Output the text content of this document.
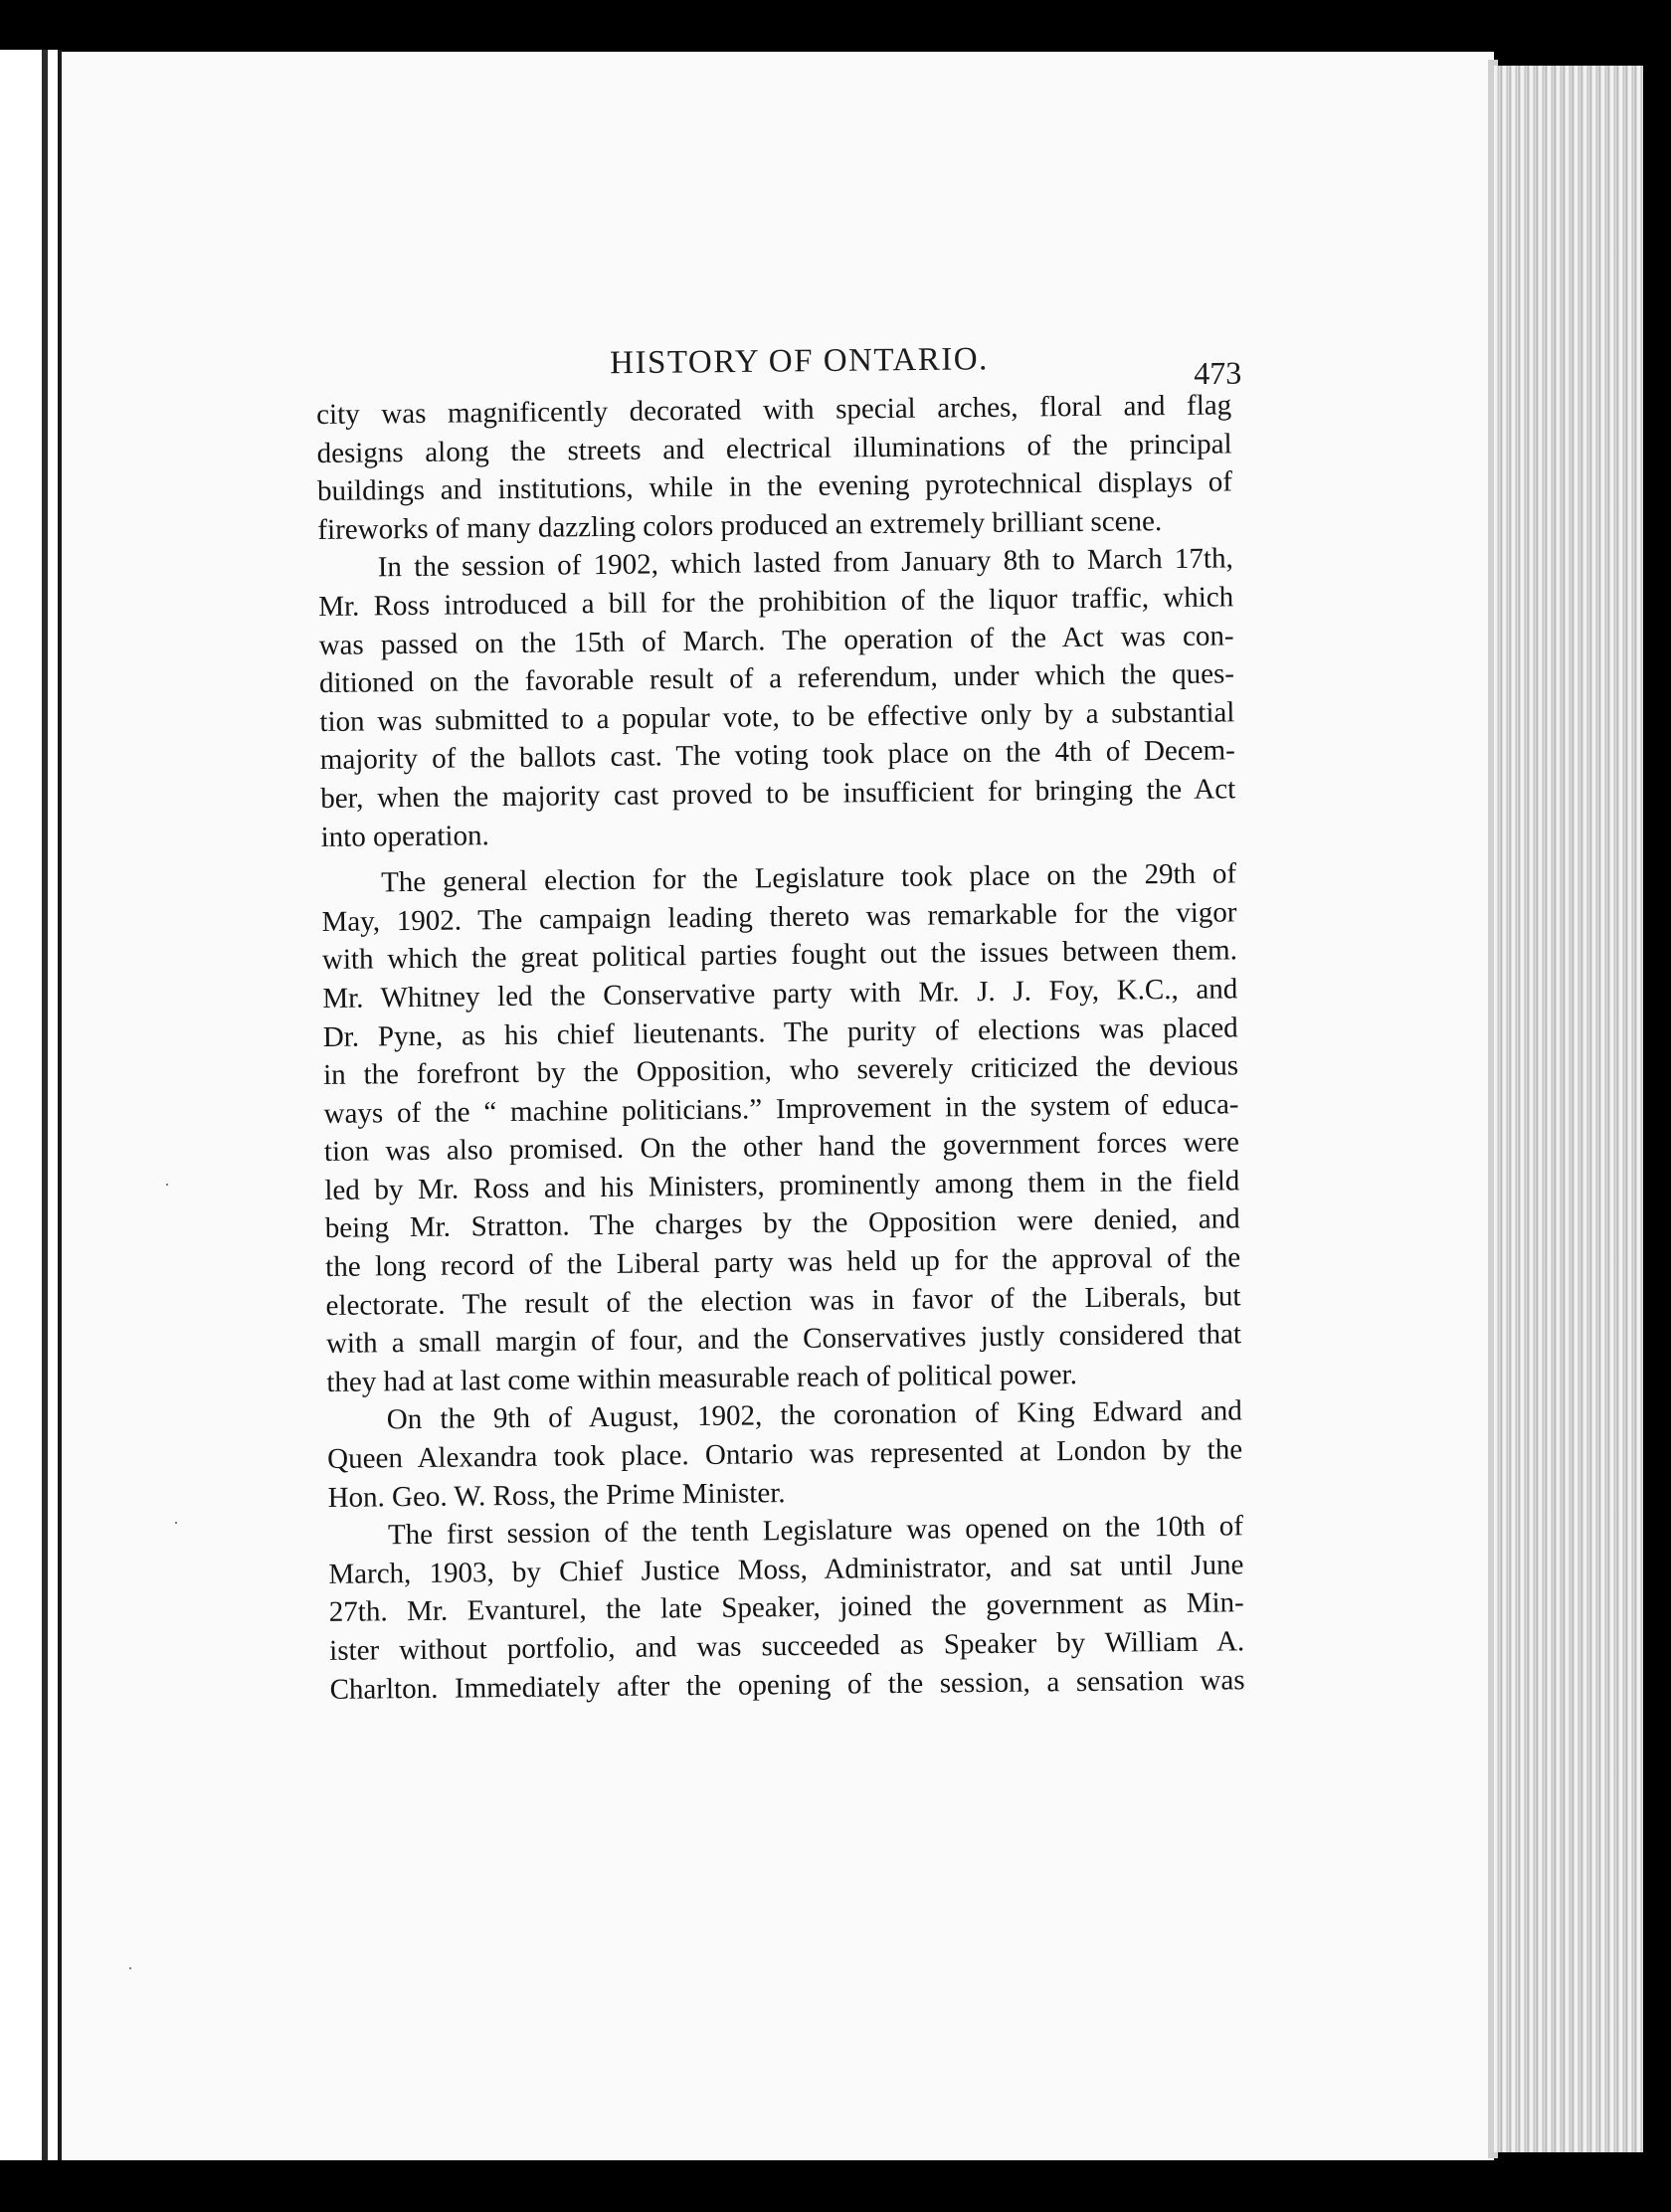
HISTORY OF ONTARIO.	473

city was magnificently decorated with special arches, floral and flag
designs along the streets and electrical illuminations of the principal
buildings and institutions, while in the evening pyrotechnical displays of
fireworks of many dazzling colors produced an extremely brilliant scene.

In the session of 1902, which lasted from January 8th to March 17th,
Mr. Ross introduced a bill for the prohibition of the liquor traffic, which
was passed on the 15th of March. The operation of the Act was con-
ditioned on the favorable result of a referendum, under which the ques-
tion was submitted to a popular vote, to be effective only by a substantial
majority of the ballots cast. The voting took place on the 4th of Decem-
ber, when the majority cast proved to be insufficient for bringing the Act
into operation.

The general election for the Legislature took place on the 29th of
May, 1902. The campaign leading thereto was remarkable for the vigor
with which the great political parties fought out the issues between them.
Mr. Whitney led the Conservative party with Mr. J. J. Foy, K.C., and
Dr. Pyne, as his chief lieutenants. The purity of elections was placed
in the forefront by the Opposition, who severely criticized the devious
ways of the “ machine politicians.” Improvement in the system of educa-
tion was also promised. On the other hand the government forces were
led by Mr. Ross and his Ministers, prominently among them in the field
being Mr. Stratton. The charges by the Opposition were denied, and
the long record of the Liberal party was held up for the approval of the
electorate. The result of the election was in favor of the Liberals, but
with a small margin of four, and the Conservatives justly considered that
they had at last come within measurable reach of political power.

On the 9th of August, 1902, the coronation of King Edward and
Queen Alexandra took place. Ontario was represented at London by the
Hon. Geo. W. Ross, the Prime Minister.

The first session of the tenth Legislature was opened on the 10th of
March, 1903, by Chief Justice Moss, Administrator, and sat until June
27th. Mr. Evanturel, the late Speaker, joined the government as Min-
ister without portfolio, and was succeeded as Speaker by William A.
Charlton. Immediately after the opening of the session, a sensation was
